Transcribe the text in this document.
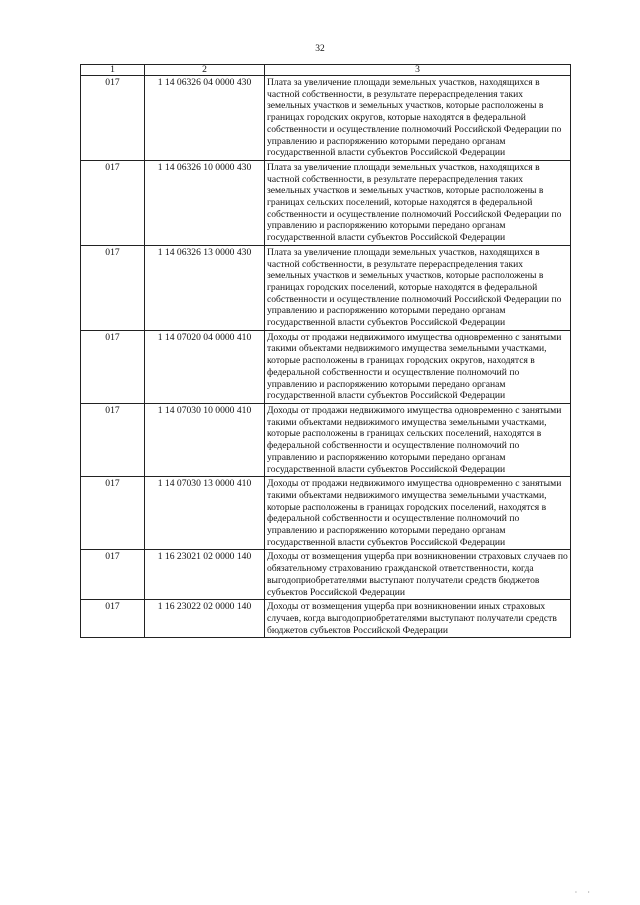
32
1	2	3
017	1 14 06326 04 0000 430	Плата за увеличение площади земельных участков, находящихся в частной собственности, в результате перераспределения таких земельных участков и земельных участков, которые расположены в границах городских округов, которые находятся в федеральной собственности и осуществление полномочий Российской Федерации по управлению и распоряжению которыми передано органам государственной власти субъектов Российской Федерации
017	1 14 06326 10 0000 430	Плата за увеличение площади земельных участков, находящихся в частной собственности, в результате перераспределения таких земельных участков и земельных участков, которые расположены в границах сельских поселений, которые находятся в федеральной собственности и осуществление полномочий Российской Федерации по управлению и распоряжению которыми передано органам государственной власти субъектов Российской Федерации
017	1 14 06326 13 0000 430	Плата за увеличение площади земельных участков, находящихся в частной собственности, в результате перераспределения таких земельных участков и земельных участков, которые расположены в границах городских поселений, которые находятся в федеральной собственности и осуществление полномочий Российской Федерации по управлению и распоряжению которыми передано органам государственной власти субъектов Российской Федерации
017	1 14 07020 04 0000 410	Доходы от продажи недвижимого имущества одновременно с занятыми такими объектами недвижимого имущества земельными участками, которые расположены в границах городских округов, находятся в федеральной собственности и осуществление полномочий по управлению и распоряжению которыми передано органам государственной власти субъектов Российской Федерации
017	1 14 07030 10 0000 410	Доходы от продажи недвижимого имущества одновременно с занятыми такими объектами недвижимого имущества земельными участками, которые расположены в границах сельских поселений, находятся в федеральной собственности и осуществление полномочий по управлению и распоряжению которыми передано органам государственной власти субъектов Российской Федерации
017	1 14 07030 13 0000 410	Доходы от продажи недвижимого имущества одновременно с занятыми такими объектами недвижимого имущества земельными участками, которые расположены в границах городских поселений, находятся в федеральной собственности и осуществление полномочий по управлению и распоряжению которыми передано органам государственной власти субъектов Российской Федерации
017	1 16 23021 02 0000 140	Доходы от возмещения ущерба при возникновении страховых случаев по обязательному страхованию гражданской ответственности, когда выгодоприобретателями выступают получатели средств бюджетов субъектов Российской Федерации
017	1 16 23022 02 0000 140	Доходы от возмещения ущерба при возникновении иных страховых случаев, когда выгодоприобретателями выступают получатели средств бюджетов субъектов Российской Федерации
· ·
